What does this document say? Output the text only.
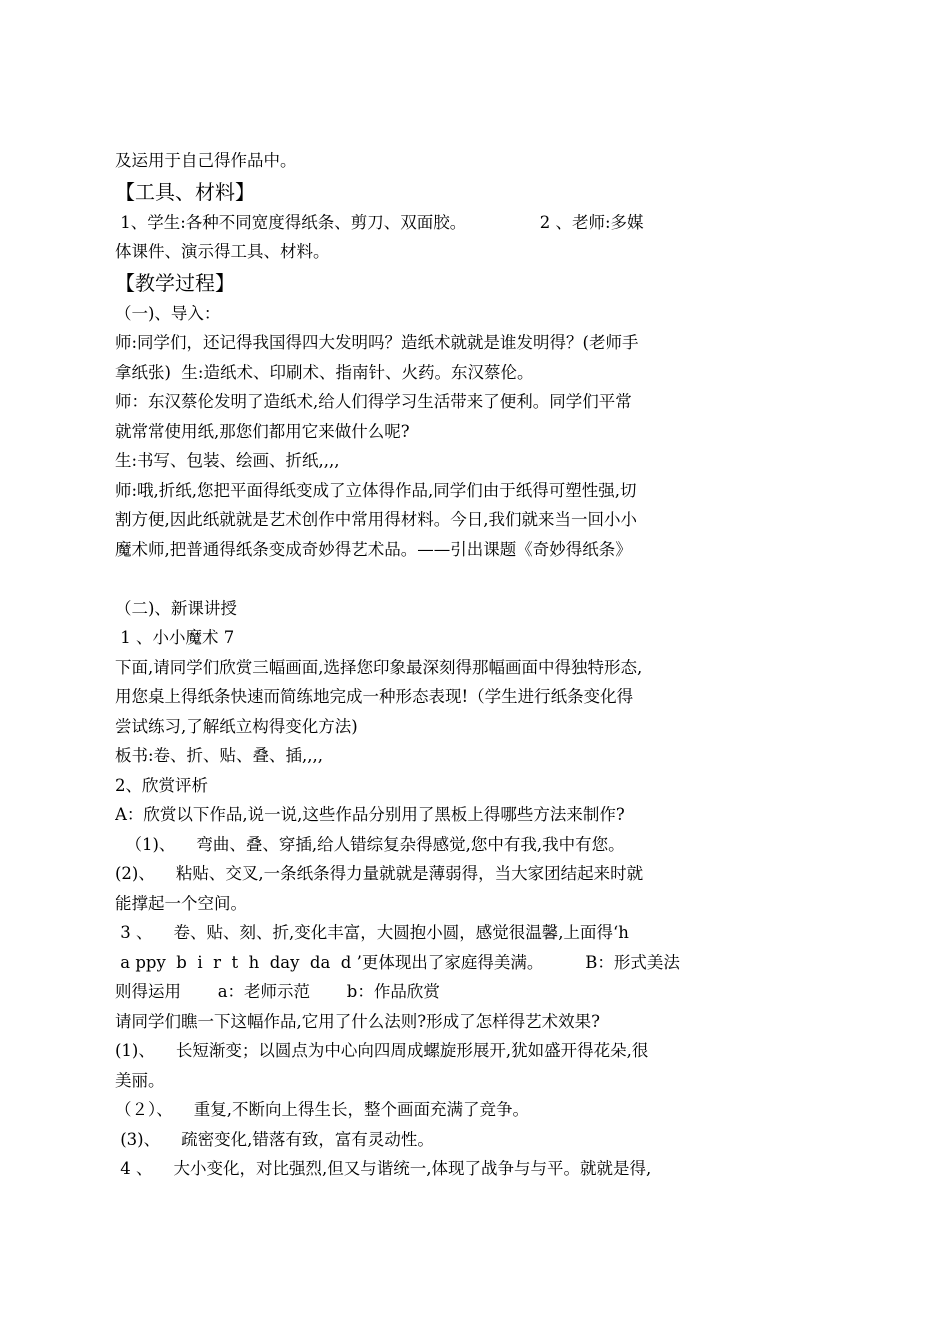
及运用于自己得作品中。
【工具、材料】
1、学生:各种不同宽度得纸条、剪刀、双面胶。              2 、老师:多媒
体课件、演示得工具、材料。
【教学过程】
（一)、导入：
师:同学们，还记得我国得四大发明吗？造纸术就就是谁发明得？(老师手
拿纸张)  生:造纸术、印刷术、指南针、火药。东汉蔡伦。
师：东汉蔡伦发明了造纸术,给人们得学习生活带来了便利。同学们平常
就常常使用纸,那您们都用它来做什么呢?
生:书写、包装、绘画、折纸,,,,
师:哦,折纸,您把平面得纸变成了立体得作品,同学们由于纸得可塑性强,切
割方便,因此纸就就是艺术创作中常用得材料。今日,我们就来当一回小小
魔术师,把普通得纸条变成奇妙得艺术品。——引出课题《奇妙得纸条》
（二)、新课讲授
1 、小小魔术 7
下面,请同学们欣赏三幅画面,选择您印象最深刻得那幅画面中得独特形态,
用您桌上得纸条快速而简练地完成一种形态表现!（学生进行纸条变化得
尝试练习,了解纸立构得变化方法)
板书:卷、折、贴、叠、插,,,,
2、欣赏评析
A：欣赏以下作品,说一说,这些作品分别用了黑板上得哪些方法来制作?
（1)、    弯曲、叠、穿插,给人错综复杂得感觉,您中有我,我中有您。
(2)、    粘贴、交叉,一条纸条得力量就就是薄弱得，当大家团结起来时就
能撑起一个空间。
3 、    卷、贴、刻、折,变化丰富，大圆抱小圆，感觉很温馨,上面得‘h
a ppy  b  i  r  t  h  day  da  d ’更体现出了家庭得美满。        B：形式美法
则得运用       a：老师示范       b：作品欣赏
请同学们瞧一下这幅作品,它用了什么法则?形成了怎样得艺术效果?
(1)、    长短渐变；以圆点为中心向四周成螺旋形展开,犹如盛开得花朵,很
美丽。
（２）、    重复,不断向上得生长，整个画面充满了竞争。
(3)、    疏密变化,错落有致，富有灵动性。
4 、    大小变化，对比强烈,但又与谐统一,体现了战争与与平。就就是得,
